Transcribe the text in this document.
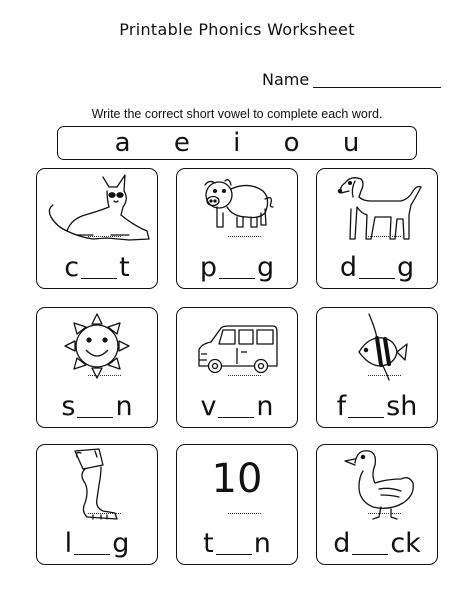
Printable Phonics Worksheet
Name
Write the correct short vowel to complete each word.
a e i o u
c t	p g d g
s n	v n f sh
l g
10
t n d ck
